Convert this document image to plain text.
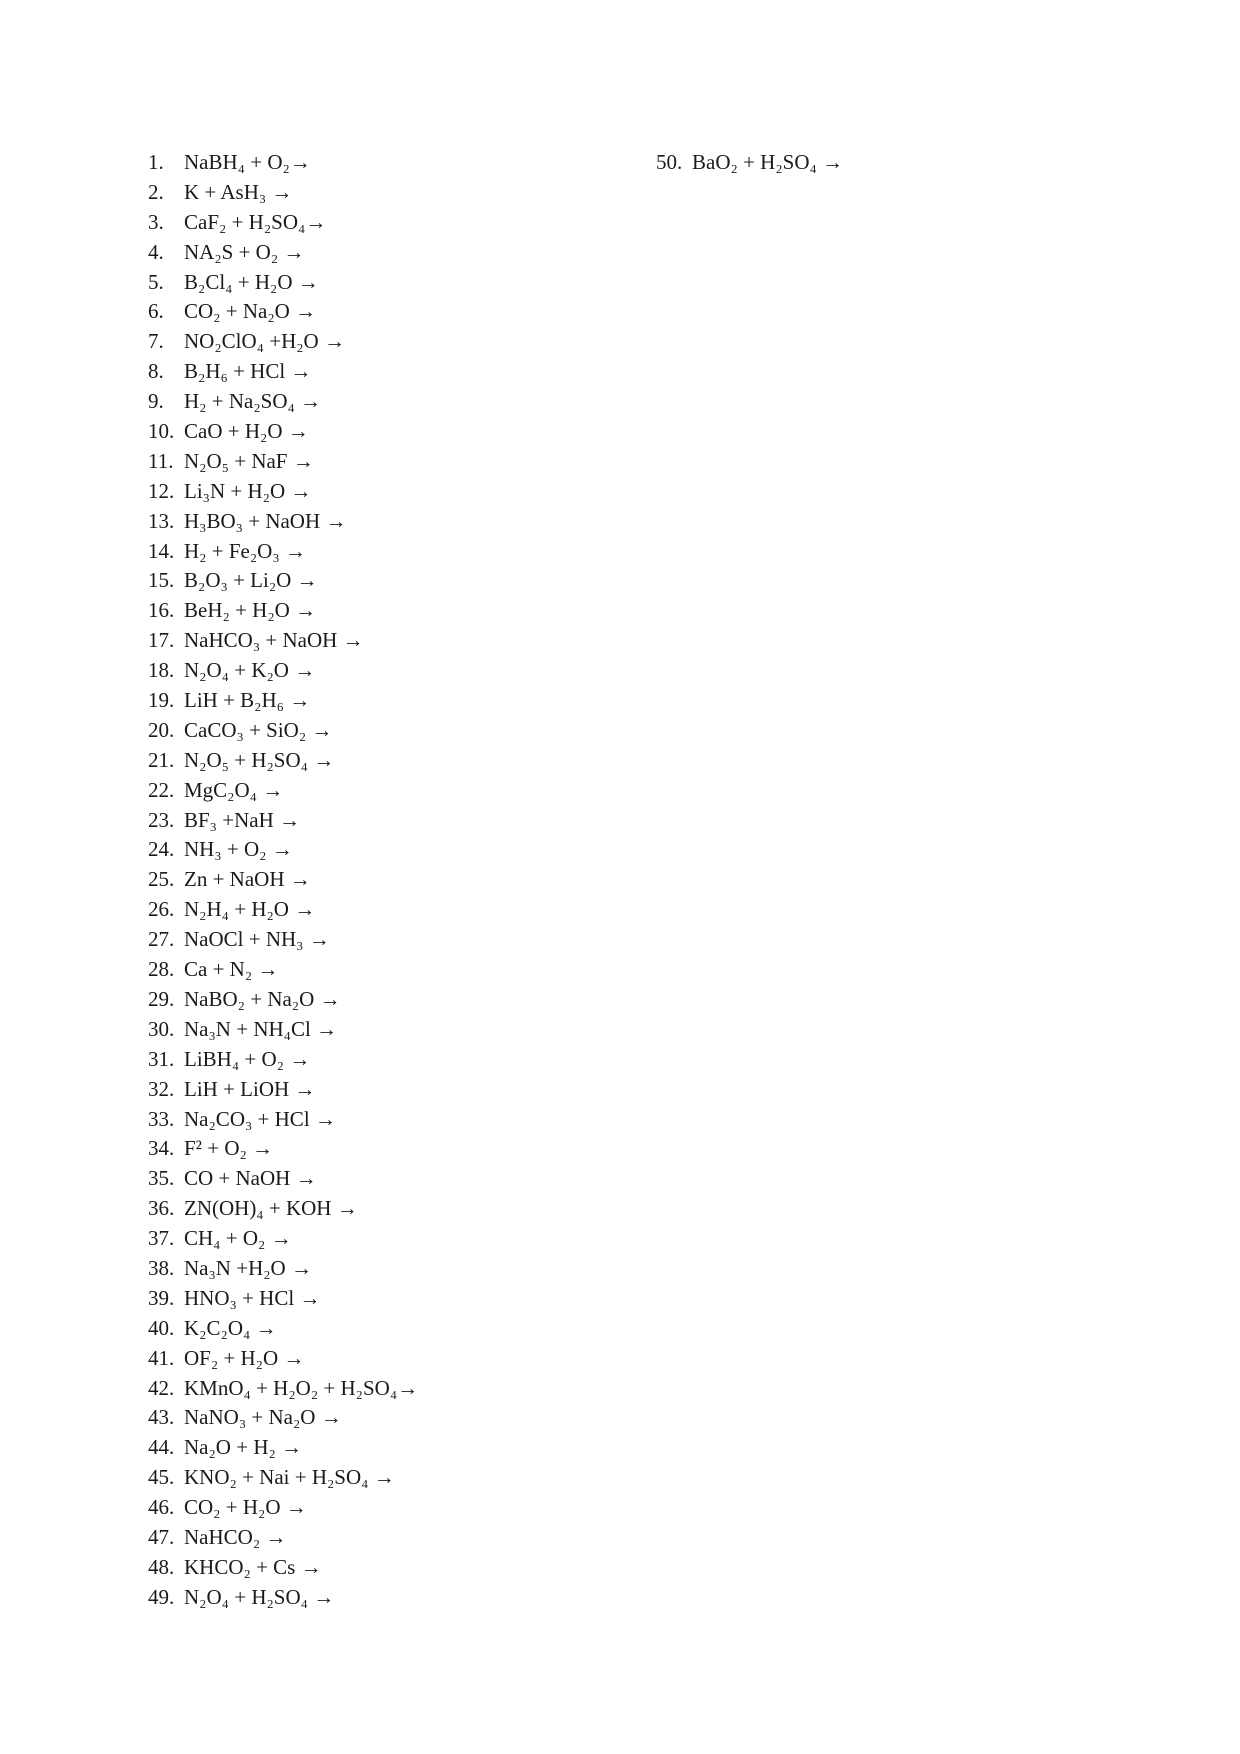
1. NaBH₄ + O₂→
2. K + AsH₃ →
3. CaF₂ + H₂SO₄→
4. NA₂S + O₂ →
5. B₂Cl₄ + H₂O →
6. CO₂ + Na₂O →
7. NO₂ClO₄ +H₂O →
8. B₂H₆ + HCl →
9. H₂ + Na₂SO₄ →
10. CaO + H₂O →
11. N₂O₅ + NaF →
12. Li₃N + H₂O →
13. H₃BO₃ + NaOH →
14. H₂ + Fe₂O₃ →
15. B₂O₃ + Li₂O →
16. BeH₂ + H₂O →
17. NaHCO₃ + NaOH →
18. N₂O₄ + K₂O →
19. LiH + B₂H₆ →
20. CaCO₃ + SiO₂ →
21. N₂O₅ + H₂SO₄ →
22. MgC₂O₄ →
23. BF₃ +NaH →
24. NH₃ + O₂ →
25. Zn + NaOH →
26. N₂H₄ + H₂O →
27. NaOCl + NH₃ →
28. Ca + N₂ →
29. NaBO₂ + Na₂O →
30. Na₃N + NH₄Cl →
31. LiBH₄ + O₂ →
32. LiH + LiOH →
33. Na₂CO₃ + HCl →
34. F² + O₂ →
35. CO + NaOH →
36. ZN(OH)₄ + KOH →
37. CH₄ + O₂ →
38. Na₃N +H₂O →
39. HNO₃ + HCl →
40. K₂C₂O₄ →
41. OF₂ + H₂O →
42. KMnO₄ + H₂O₂ + H₂SO₄→
43. NaNO₃ + Na₂O →
44. Na₂O + H₂ →
45. KNO₂ + Nai + H₂SO₄ →
46. CO₂ + H₂O →
47. NaHCO₂ →
48. KHCO₂ + Cs →
49. N₂O₄ + H₂SO₄ →
50. BaO₂ + H₂SO₄ →
